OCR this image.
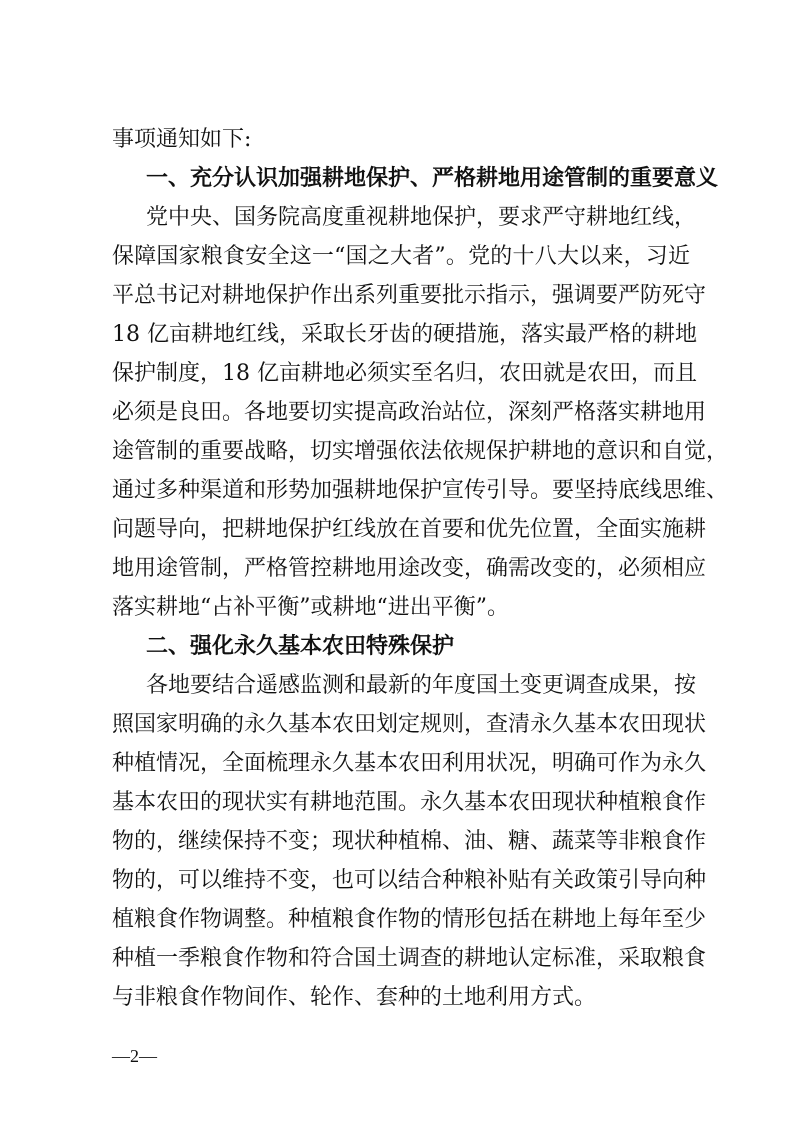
事项通知如下:
一、充分认识加强耕地保护、严格耕地用途管制的重要意义
党中央、国务院高度重视耕地保护，要求严守耕地红线，
保障国家粮食安全这一“国之大者”。党的十八大以来，习近
平总书记对耕地保护作出系列重要批示指示，强调要严防死守
18 亿亩耕地红线，采取长牙齿的硬措施，落实最严格的耕地
保护制度，18 亿亩耕地必须实至名归，农田就是农田，而且
必须是良田。各地要切实提高政治站位，深刻严格落实耕地用
途管制的重要战略，切实增强依法依规保护耕地的意识和自觉，
通过多种渠道和形势加强耕地保护宣传引导。要坚持底线思维、
问题导向，把耕地保护红线放在首要和优先位置，全面实施耕
地用途管制，严格管控耕地用途改变，确需改变的，必须相应
落实耕地“占补平衡”或耕地“进出平衡”。
二、强化永久基本农田特殊保护
各地要结合遥感监测和最新的年度国土变更调查成果，按
照国家明确的永久基本农田划定规则，查清永久基本农田现状
种植情况，全面梳理永久基本农田利用状况，明确可作为永久
基本农田的现状实有耕地范围。永久基本农田现状种植粮食作
物的，继续保持不变；现状种植棉、油、糖、蔬菜等非粮食作
物的，可以维持不变，也可以结合种粮补贴有关政策引导向种
植粮食作物调整。种植粮食作物的情形包括在耕地上每年至少
种植一季粮食作物和符合国土调查的耕地认定标准，采取粮食
与非粮食作物间作、轮作、套种的土地利用方式。
—2—
